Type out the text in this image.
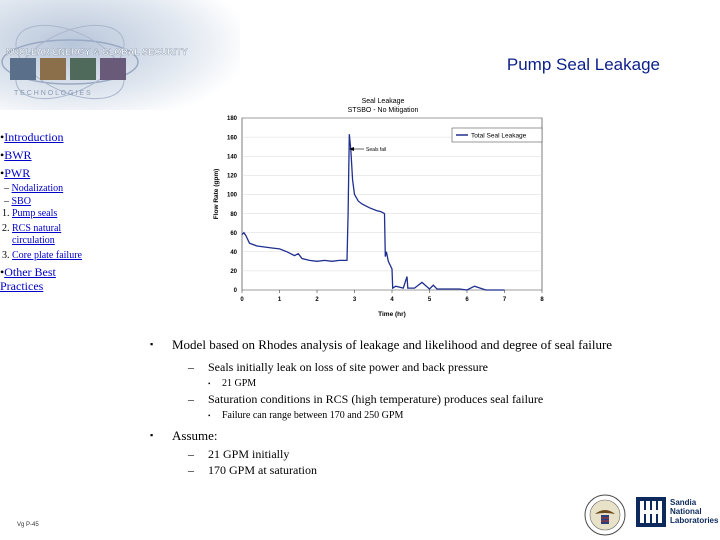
NUCLEAR ENERGY & GLOBAL SECURITY
T E C H N O L O G I E S
Pump Seal Leakage
•Introduction
•BWR
•PWR
– Nodalization
– SBO
1. Pump seals
2. RCS natural circulation
3. Core plate failure
•Other Best Practices
Seal Leakage
STSBO - No Mitigation
0
20
40
60
80
100
120
140
160
180
0	1	2	3	4	5	6	7	8
Flow Rate (gpm)
Time (hr)
Total Seal Leakage
Seals fail
▪ Model based on Rhodes analysis of leakage and likelihood and degree of seal failure
– Seals initially leak on loss of site power and back pressure
• 21 GPM
– Saturation conditions in RCS (high temperature) produces seal failure
• Failure can range between 170 and 250 GPM
▪ Assume:
– 21 GPM initially
– 170 GPM at saturation
Vg P-45
Sandia
National
Laboratories
